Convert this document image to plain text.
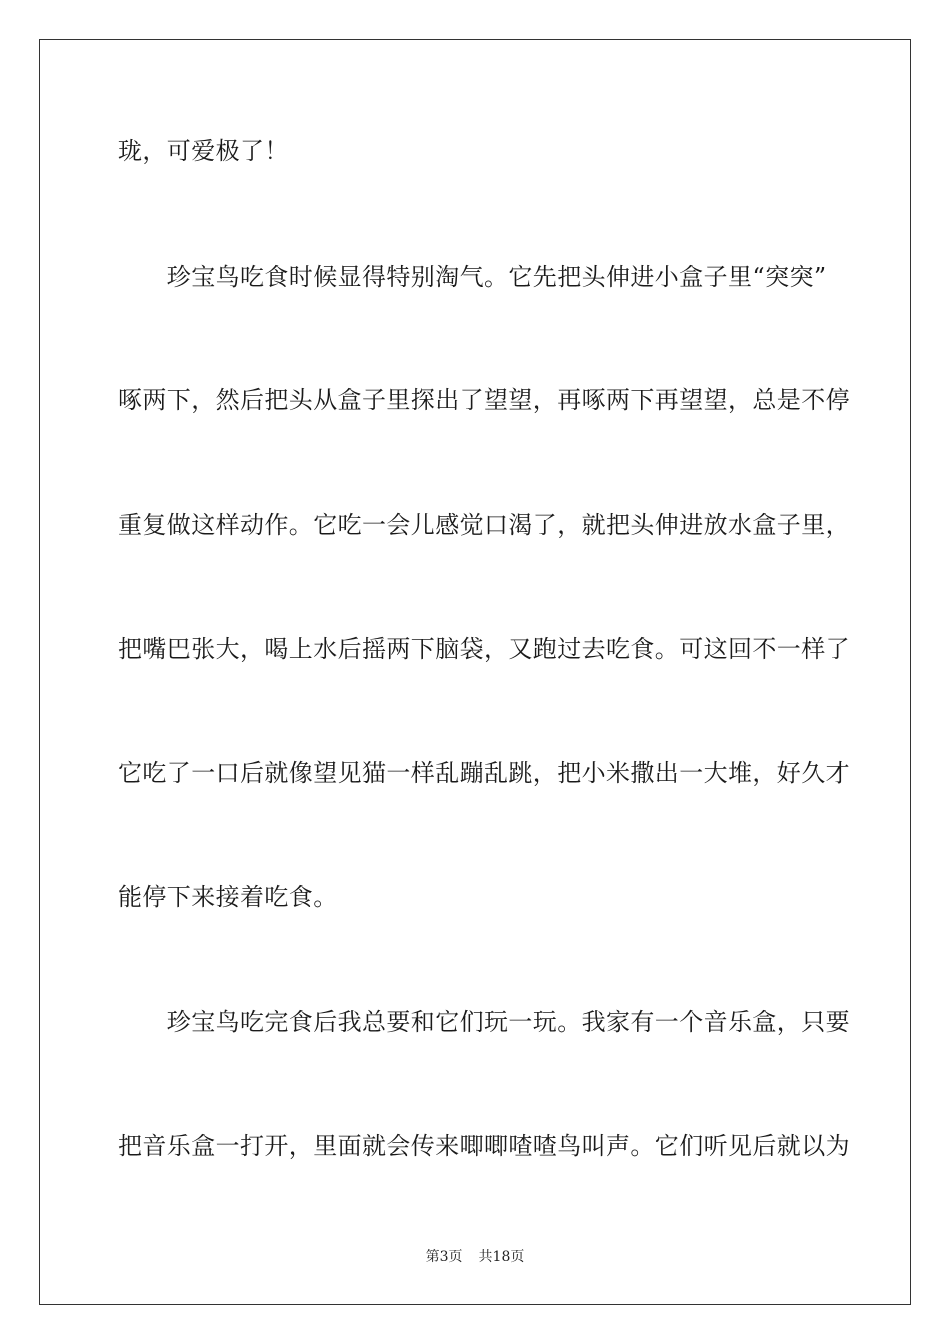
珑，可爱极了！
　　珍宝鸟吃食时候显得特别淘气。它先把头伸进小盒子里“突突”
啄两下，然后把头从盒子里探出了望望，再啄两下再望望，总是不停
重复做这样动作。它吃一会儿感觉口渴了，就把头伸进放水盒子里，
把嘴巴张大，喝上水后摇两下脑袋，又跑过去吃食。可这回不一样了
它吃了一口后就像望见猫一样乱蹦乱跳，把小米撒出一大堆，好久才
能停下来接着吃食。
　　珍宝鸟吃完食后我总要和它们玩一玩。我家有一个音乐盒，只要
把音乐盒一打开，里面就会传来唧唧喳喳鸟叫声。它们听见后就以为
第3页 共18页
